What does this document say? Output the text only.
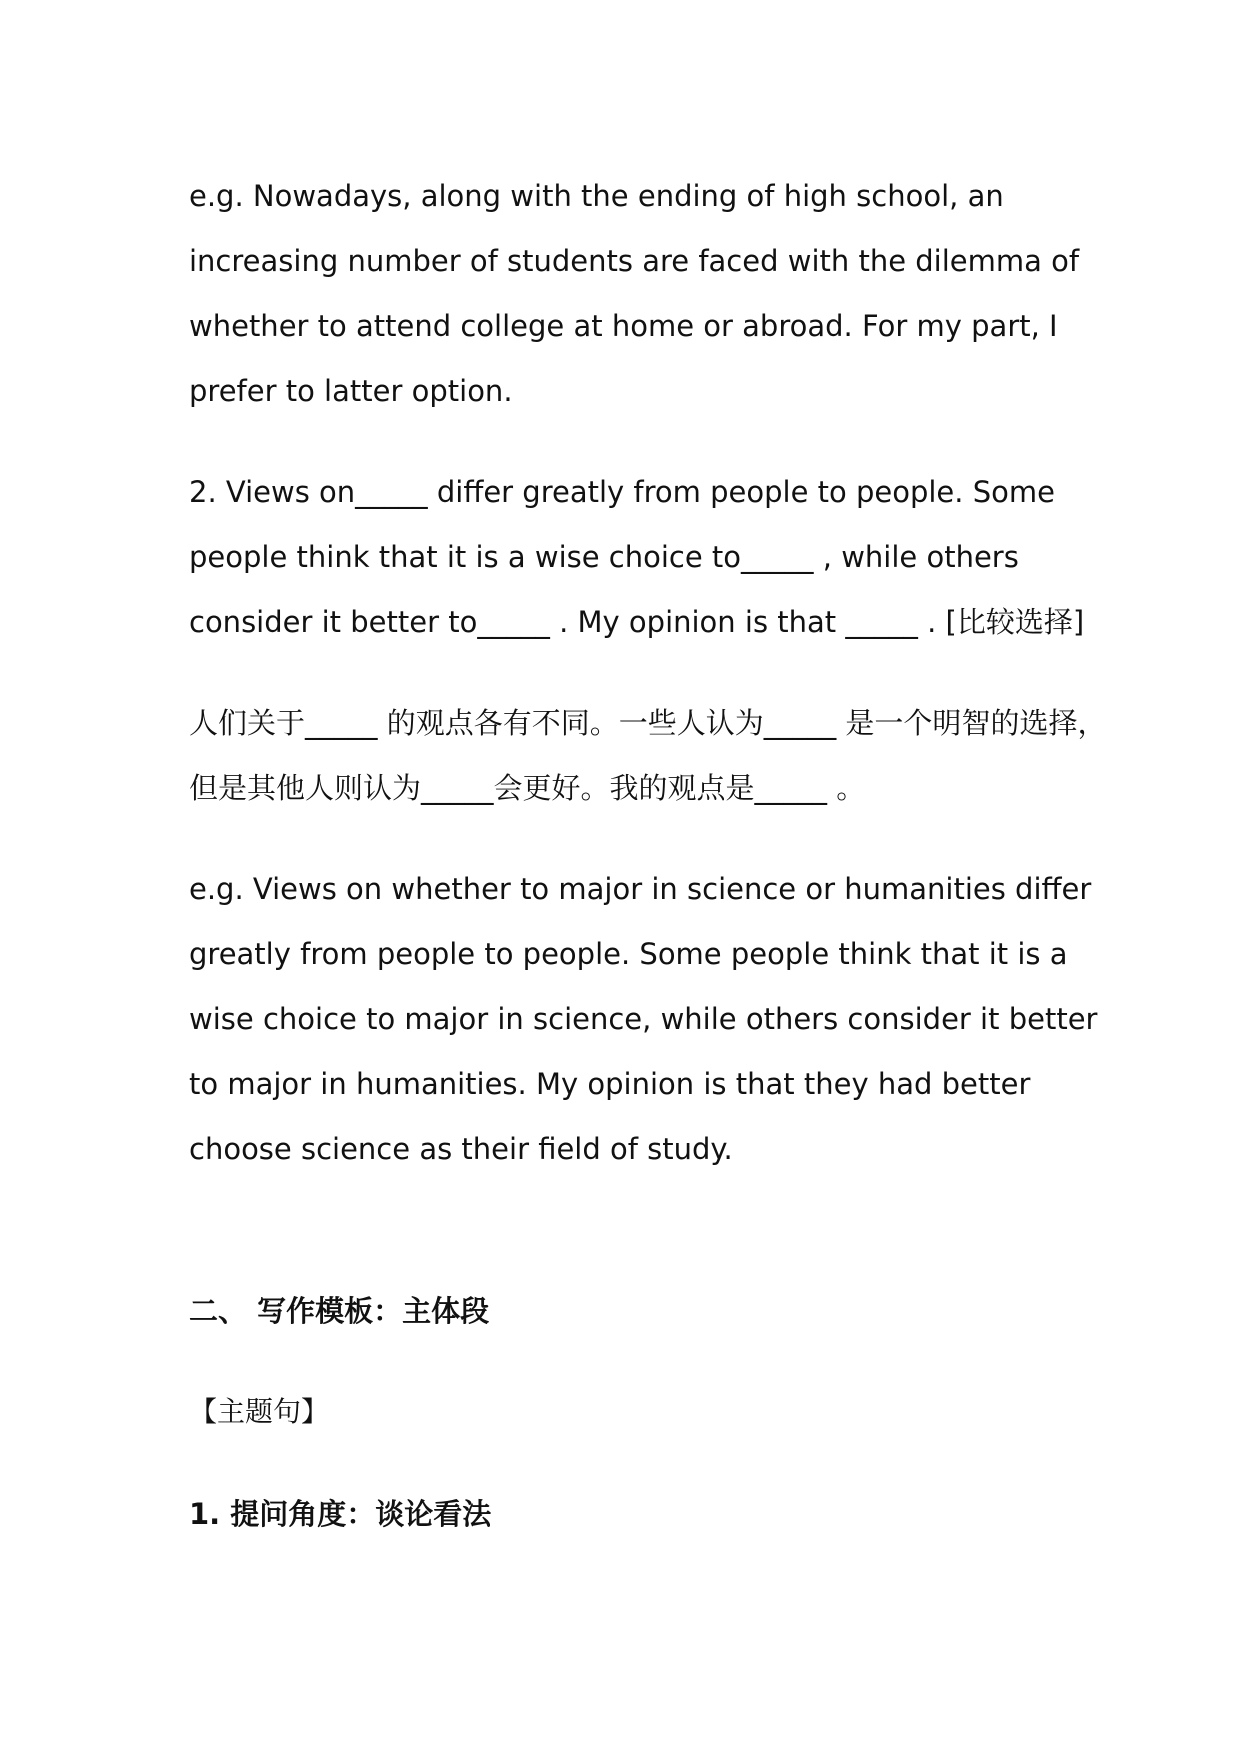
e.g. Nowadays, along with the ending of high school, an
increasing number of students are faced with the dilemma of
whether to attend college at home or abroad. For my part, I
prefer to latter option.
2. Views on_____ differ greatly from people to people. Some
people think that it is a wise choice to_____ , while others
consider it better to_____ . My opinion is that _____ . [比较选择]
人们关于_____ 的观点各有不同。一些人认为_____ 是一个明智的选择，
但是其他人则认为_____会更好。我的观点是_____ 。
e.g. Views on whether to major in science or humanities differ
greatly from people to people. Some people think that it is a
wise choice to major in science, while others consider it better
to major in humanities. My opinion is that they had better
choose science as their field of study.
二、 写作模板：主体段
【主题句】
1. 提问角度：谈论看法
